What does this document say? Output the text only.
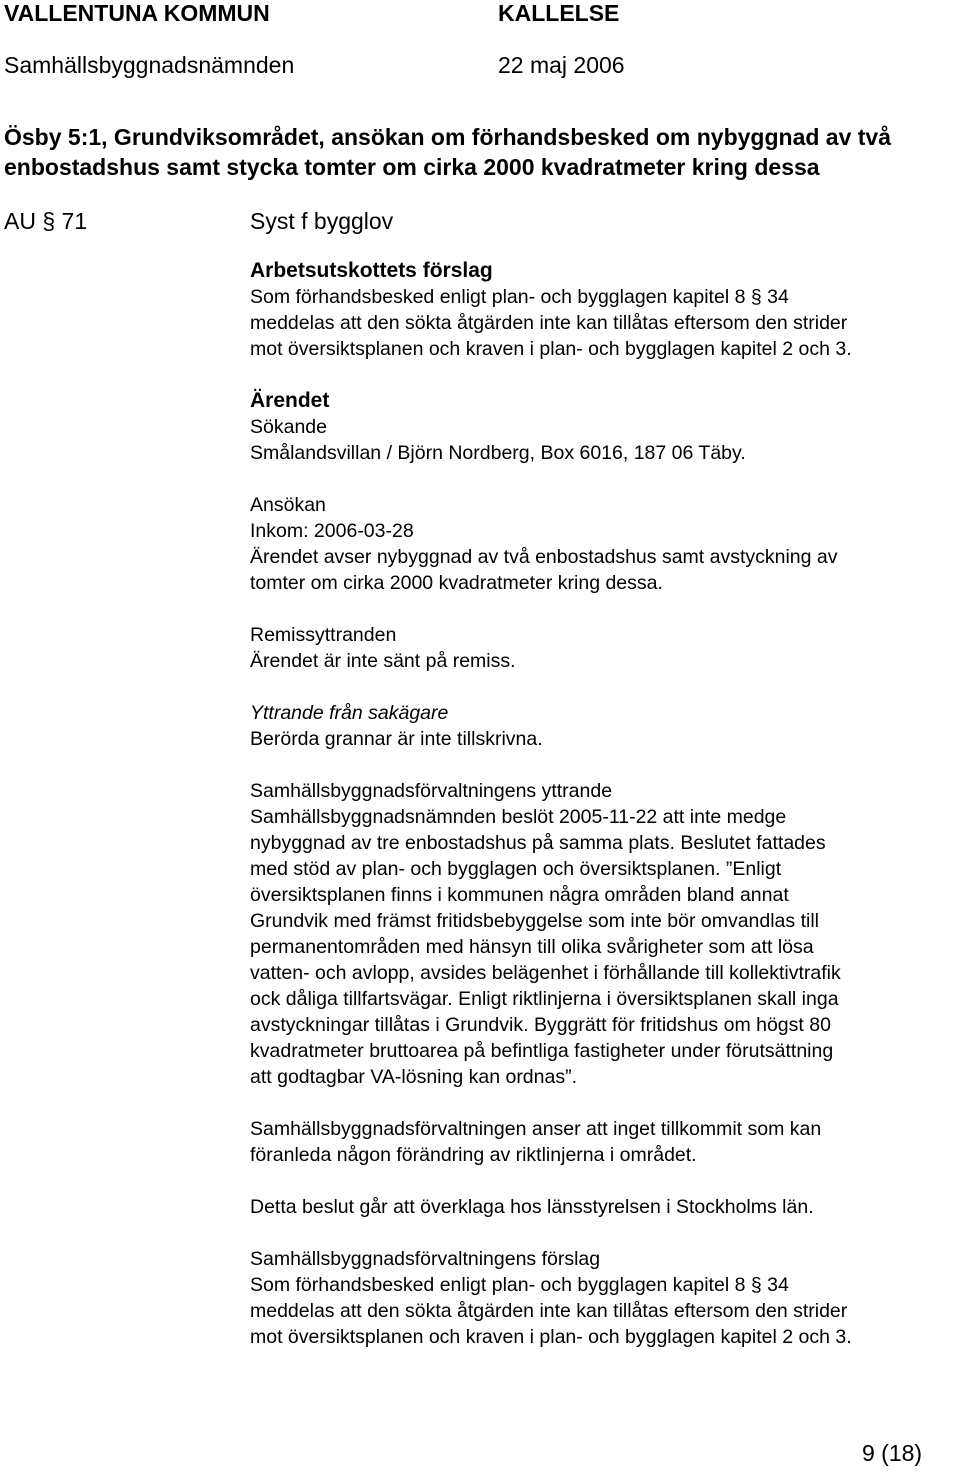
VALLENTUNA KOMMUN	KALLELSE
Samhällsbyggnadsnämnden	22 maj 2006
Ösby 5:1, Grundviksområdet, ansökan om förhandsbesked om nybyggnad av två
enbostadshus samt stycka tomter om cirka 2000 kvadratmeter kring dessa
AU § 71	Syst f bygglov
Arbetsutskottets förslag
Som förhandsbesked enligt plan- och bygglagen kapitel 8 § 34
meddelas att den sökta åtgärden inte kan tillåtas eftersom den strider
mot översiktsplanen och kraven i plan- och bygglagen kapitel 2 och 3.
Ärendet
Sökande
Smålandsvillan / Björn Nordberg, Box 6016, 187 06 Täby.
Ansökan
Inkom: 2006-03-28
Ärendet avser nybyggnad av två enbostadshus samt avstyckning av
tomter om cirka 2000 kvadratmeter kring dessa.
Remissyttranden
Ärendet är inte sänt på remiss.
Yttrande från sakägare
Berörda grannar är inte tillskrivna.
Samhällsbyggnadsförvaltningens yttrande
Samhällsbyggnadsnämnden beslöt 2005-11-22 att inte medge
nybyggnad av tre enbostadshus på samma plats. Beslutet fattades
med stöd av plan- och bygglagen och översiktsplanen. ”Enligt
översiktsplanen finns i kommunen några områden bland annat
Grundvik med främst fritidsbebyggelse som inte bör omvandlas till
permanentområden med hänsyn till olika svårigheter som att lösa
vatten- och avlopp, avsides belägenhet i förhållande till kollektivtrafik
ock dåliga tillfartsvägar. Enligt riktlinjerna i översiktsplanen skall inga
avstyckningar tillåtas i Grundvik. Byggrätt för fritidshus om högst 80
kvadratmeter bruttoarea på befintliga fastigheter under förutsättning
att godtagbar VA-lösning kan ordnas”.
Samhällsbyggnadsförvaltningen anser att inget tillkommit som kan
föranleda någon förändring av riktlinjerna i området.
Detta beslut går att överklaga hos länsstyrelsen i Stockholms län.
Samhällsbyggnadsförvaltningens förslag
Som förhandsbesked enligt plan- och bygglagen kapitel 8 § 34
meddelas att den sökta åtgärden inte kan tillåtas eftersom den strider
mot översiktsplanen och kraven i plan- och bygglagen kapitel 2 och 3.
9 (18)
